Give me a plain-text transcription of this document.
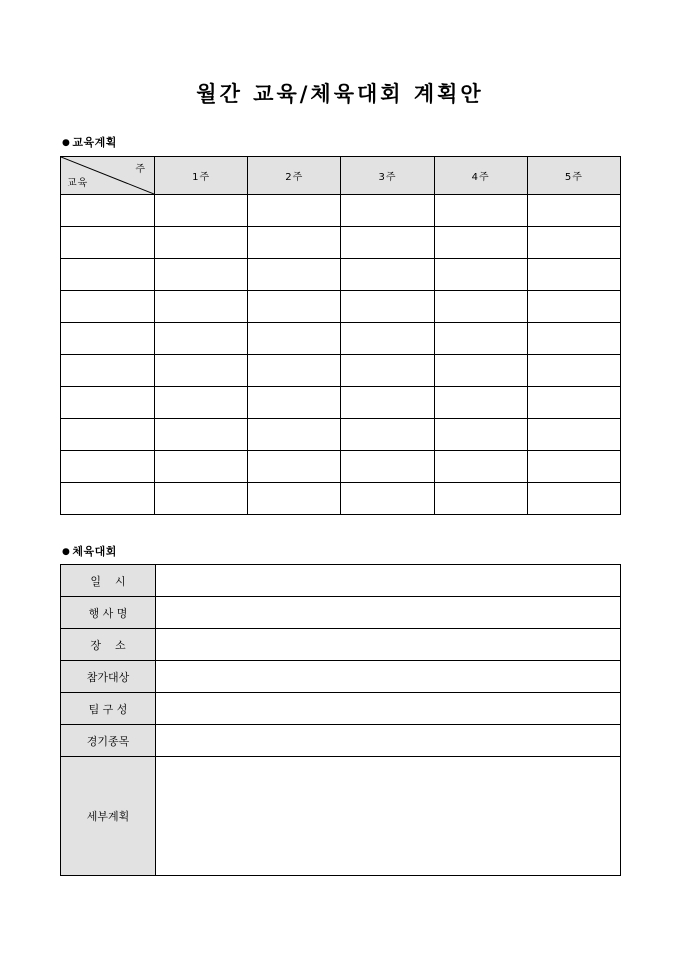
월간 교육/체육대회 계획안
● 교육계획
주
교육	1주	2주	3주	4주	5주

● 체육대회
일    시	
행 사 명	
장    소	
참가대상	
팀 구 성	
경기종목	
세부계획	
